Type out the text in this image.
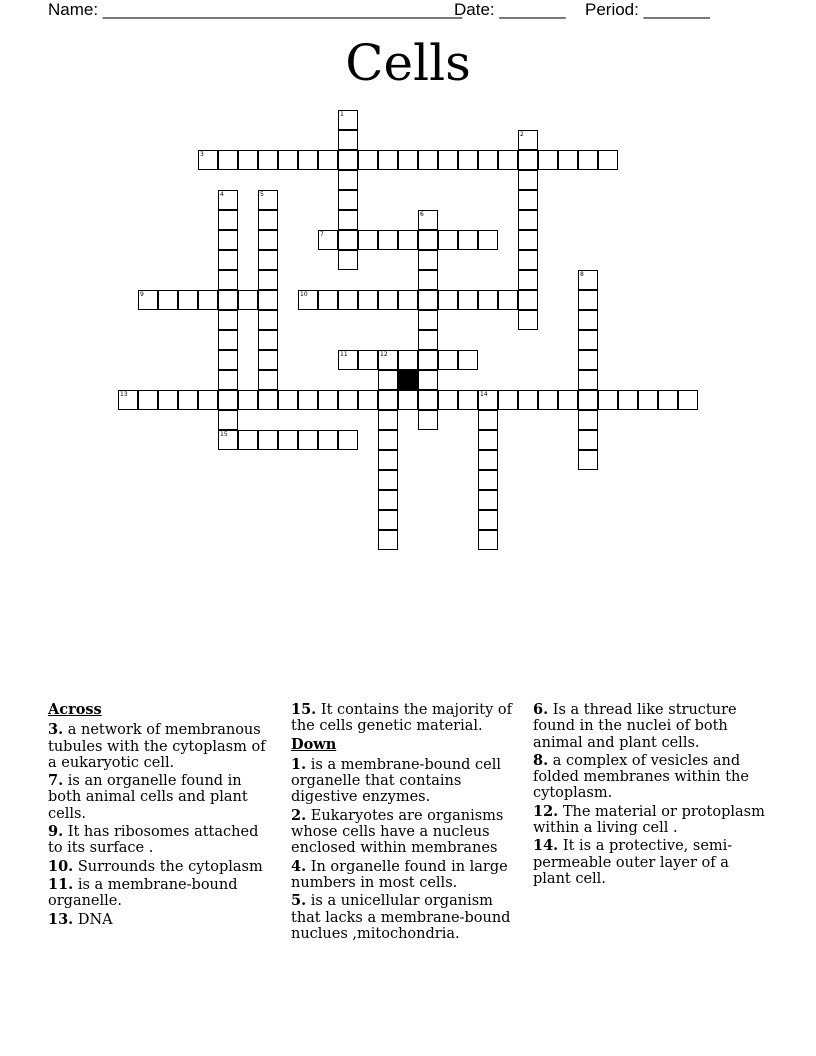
Name: ______________________________________Date: _______ Period: _______
Cells
1
2
3
4
15
5
6
7
8
9	10
11	12
13	14
Across
3. a network of membranous tubules with the cytoplasm of a eukaryotic cell.
7. is an organelle found in both animal cells and plant cells.
9. It has ribosomes attached to its surface .
10. Surrounds the cytoplasm
11. is a membrane-bound organelle.
13. DNA
15. It contains the majority of the cells genetic material.
Down
1. is a membrane-bound cell organelle that contains digestive enzymes.
2. Eukaryotes are organisms whose cells have a nucleus enclosed within membranes
4. In organelle found in large numbers in most cells.
5. is a unicellular organism that lacks a membrane-bound nuclues ,mitochondria.
6. Is a thread like structure found in the nuclei of both animal and plant cells.
8. a complex of vesicles and folded membranes within the cytoplasm.
12. The material or protoplasm within a living cell .
14. It is a protective, semi-permeable outer layer of a plant cell.
